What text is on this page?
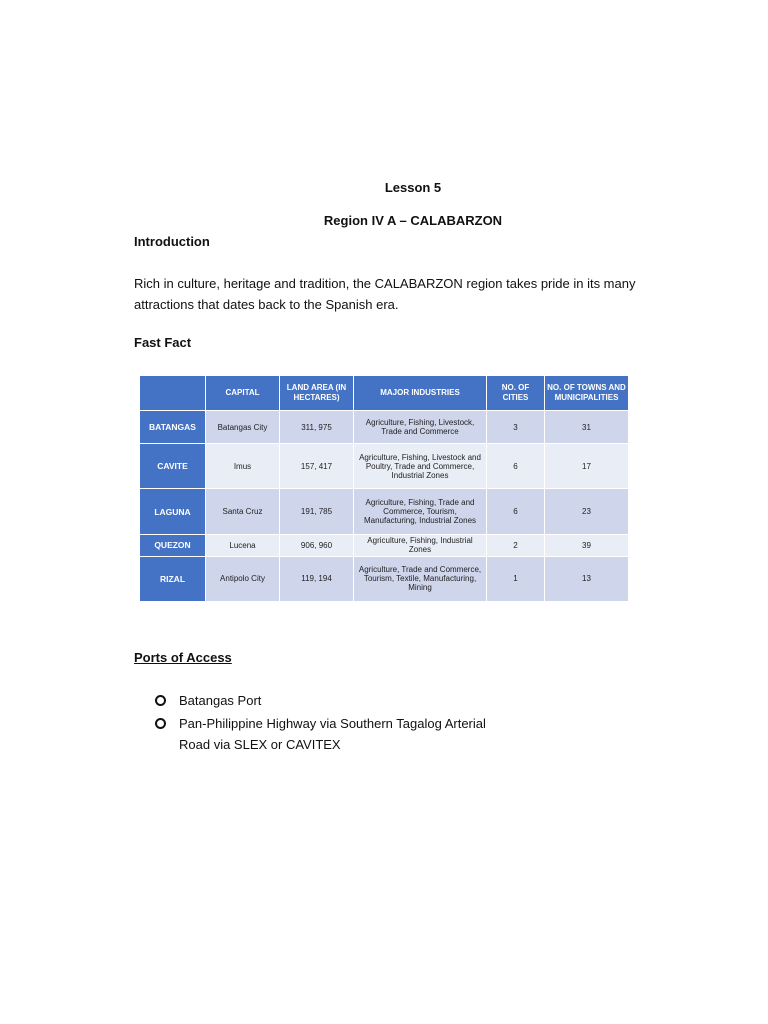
Lesson 5
Region IV A – CALABARZON
Introduction
Rich in culture, heritage and tradition, the CALABARZON region takes pride in its many attractions that dates back to the Spanish era.
Fast Fact
	CAPITAL	LAND AREA (IN HECTARES)	MAJOR INDUSTRIES	NO. OF CITIES	NO. OF TOWNS AND MUNICIPALITIES
BATANGAS	Batangas City	311, 975	Agriculture, Fishing, Livestock, Trade and Commerce	3	31
CAVITE	Imus	157, 417	Agriculture, Fishing, Livestock and Poultry, Trade and Commerce, Industrial Zones	6	17
LAGUNA	Santa Cruz	191, 785	Agriculture, Fishing, Trade and Commerce, Tourism, Manufacturing, Industrial Zones	6	23
QUEZON	Lucena	906, 960	Agriculture, Fishing, Industrial Zones	2	39
RIZAL	Antipolo City	119, 194	Agriculture, Trade and Commerce, Tourism, Textile, Manufacturing, Mining	1	13
Ports of Access
Batangas Port
Pan-Philippine Highway via Southern Tagalog Arterial
Road via SLEX or CAVITEX
